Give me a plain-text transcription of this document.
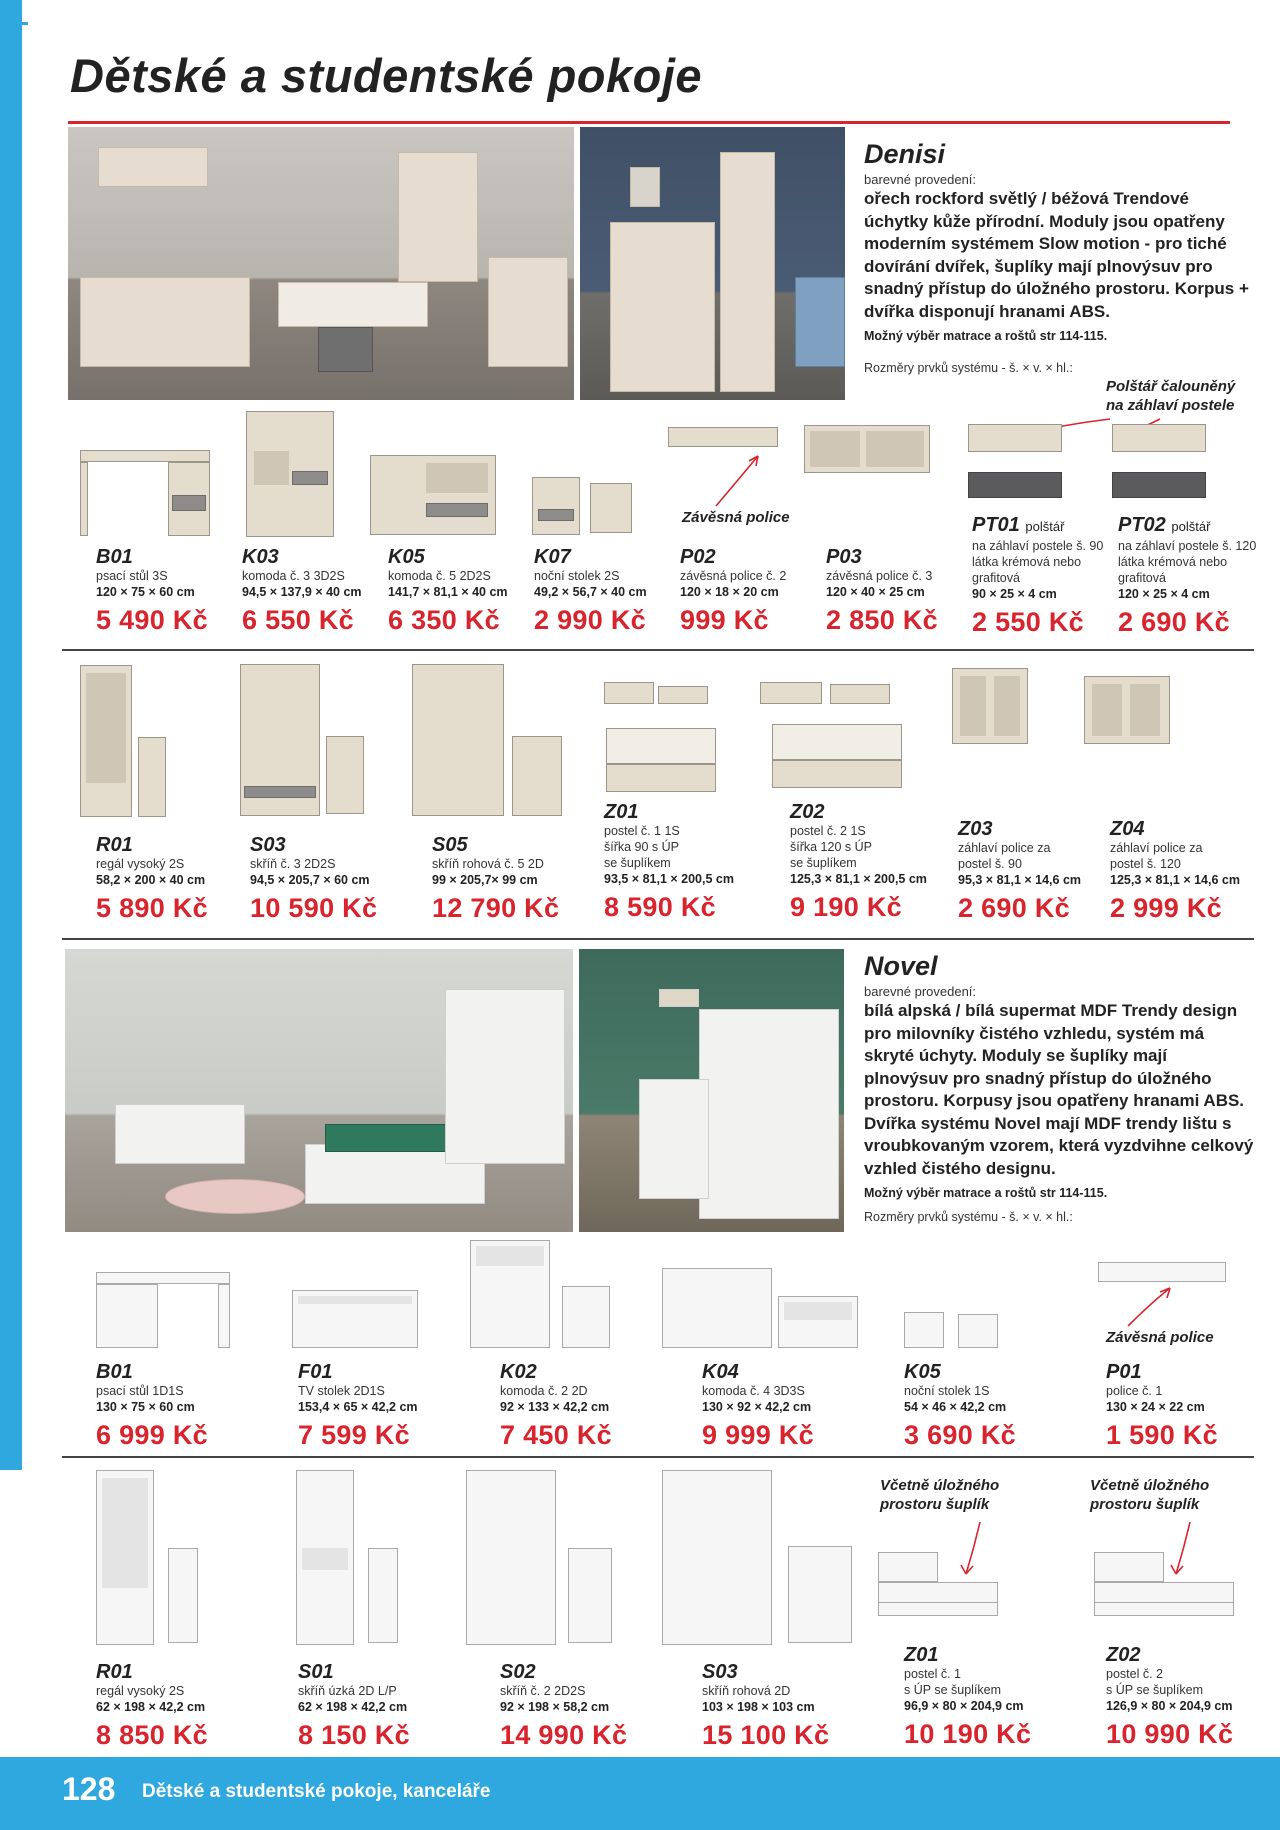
Dětské a studentské pokoje
Denisi
barevné provedení:
ořech rockford světlý / béžová Trendové úchytky kůže přírodní. Moduly jsou opatřeny moderním systémem Slow motion - pro tiché dovírání dvířek, šuplíky mají plnovýsuv pro snadný přístup do úložného prostoru. Korpus + dvířka disponují hranami ABS.
Možný výběr matrace a roštů str 114-115.
Rozměry prvků systému - š. × v. × hl.:
Polštář čalouněný na záhlaví postele
Závěsná police
B01
psací stůl 3S
120 × 75 × 60 cm
5 490 Kč
K03
komoda č. 3 3D2S
94,5 × 137,9 × 40 cm
6 550 Kč
K05
komoda č. 5 2D2S
141,7 × 81,1 × 40 cm
6 350 Kč
K07
noční stolek 2S
49,2 × 56,7 × 40 cm
2 990 Kč
P02
závěsná police č. 2
120 × 18 × 20 cm
999 Kč
P03
závěsná police č. 3
120 × 40 × 25 cm
2 850 Kč
PT01 polštář
na záhlaví postele š. 90
látka krémová nebo
grafitová
90 × 25 × 4 cm
2 550 Kč
PT02 polštář
na záhlaví postele š. 120
látka krémová nebo
grafitová
120 × 25 × 4 cm
2 690 Kč
R01
regál vysoký 2S
58,2 × 200 × 40 cm
5 890 Kč
S03
skříň č. 3 2D2S
94,5 × 205,7 × 60 cm
10 590 Kč
S05
skříň rohová č. 5 2D
99 × 205,7× 99 cm
12 790 Kč
Z01
postel č. 1 1S
šířka 90 s ÚP
se šuplíkem
93,5 × 81,1 × 200,5 cm
8 590 Kč
Z02
postel č. 2 1S
šířka 120 s ÚP
se šuplíkem
125,3 × 81,1 × 200,5 cm
9 190 Kč
Z03
záhlaví police za
postel š. 90
95,3 × 81,1 × 14,6 cm
2 690 Kč
Z04
záhlaví police za
postel š. 120
125,3 × 81,1 × 14,6 cm
2 999 Kč
Novel
barevné provedení:
bílá alpská / bílá supermat MDF Trendy design pro milovníky čistého vzhledu, systém má skryté úchyty. Moduly se šuplíky mají plnovýsuv pro snadný přístup do úložného prostoru. Korpusy jsou opatřeny hranami ABS. Dvířka systému Novel mají MDF trendy lištu s vroubkovaným vzorem, která vyzdvihne celkový vzhled čistého designu.
Možný výběr matrace a roštů str 114-115.
Rozměry prvků systému - š. × v. × hl.:
Závěsná police
B01
psací stůl 1D1S
130 × 75 × 60 cm
6 999 Kč
F01
TV stolek 2D1S
153,4 × 65 × 42,2 cm
7 599 Kč
K02
komoda č. 2 2D
92 × 133 × 42,2 cm
7 450 Kč
K04
komoda č. 4 3D3S
130 × 92 × 42,2 cm
9 999 Kč
K05
noční stolek 1S
54 × 46 × 42,2 cm
3 690 Kč
P01
police č. 1
130 × 24 × 22 cm
1 590 Kč
Včetně úložného prostoru šuplík
Včetně úložného prostoru šuplík
R01
regál vysoký 2S
62 × 198 × 42,2 cm
8 850 Kč
S01
skříň úzká 2D L/P
62 × 198 × 42,2 cm
8 150 Kč
S02
skříň č. 2 2D2S
92 × 198 × 58,2 cm
14 990 Kč
S03
skříň rohová 2D
103 × 198 × 103 cm
15 100 Kč
Z01
postel č. 1
s ÚP se šuplíkem
96,9 × 80 × 204,9 cm
10 190 Kč
Z02
postel č. 2
s ÚP se šuplíkem
126,9 × 80 × 204,9 cm
10 990 Kč
128 Dětské a studentské pokoje, kanceláře
